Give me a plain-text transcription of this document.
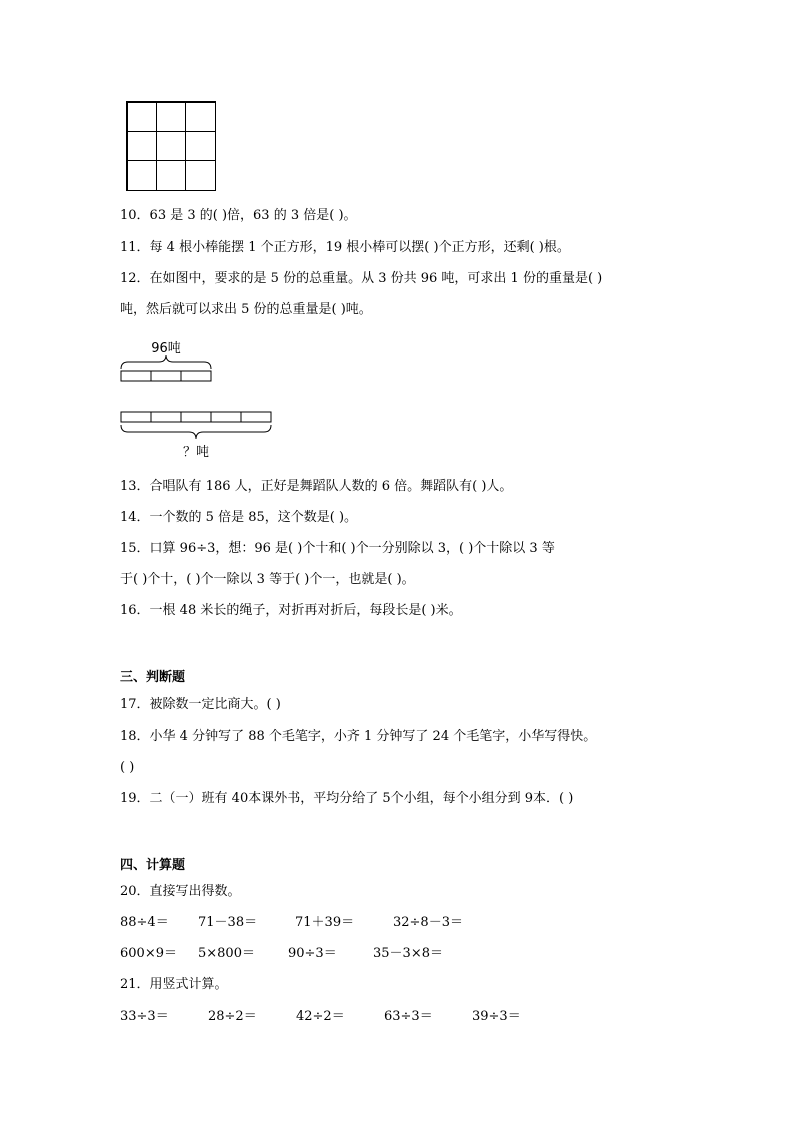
10．63 是 3 的( )倍，63 的 3 倍是( )。
11．每 4 根小棒能摆 1 个正方形，19 根小棒可以摆( )个正方形，还剩( )根。
12．在如图中，要求的是 5 份的总重量。从 3 份共 96 吨，可求出 1 份的重量是( )
吨，然后就可以求出 5 份的总重量是( )吨。
96吨
？吨
13．合唱队有 186 人，正好是舞蹈队人数的 6 倍。舞蹈队有( )人。
14．一个数的 5 倍是 85，这个数是( )。
15．口算 96÷3，想：96 是( )个十和( )个一分别除以 3，( )个十除以 3 等
于( )个十，( )个一除以 3 等于( )个一，也就是( )。
16．一根 48 米长的绳子，对折再对折后，每段长是( )米。
三、判断题
17．被除数一定比商大。( )
18．小华 4 分钟写了 88 个毛笔字，小齐 1 分钟写了 24 个毛笔字，小华写得快。
( )
19．二（一）班有 40本课外书，平均分给了 5个小组，每个小组分到 9本．( )
四、计算题
20．直接写出得数。
88÷4＝ 71－38＝	71＋39＝	32÷8－3＝
600×9＝ 5×800＝	90÷3＝	35－3×8＝
21．用竖式计算。
33÷3＝	28÷2＝	42÷2＝	63÷3＝	39÷3＝
